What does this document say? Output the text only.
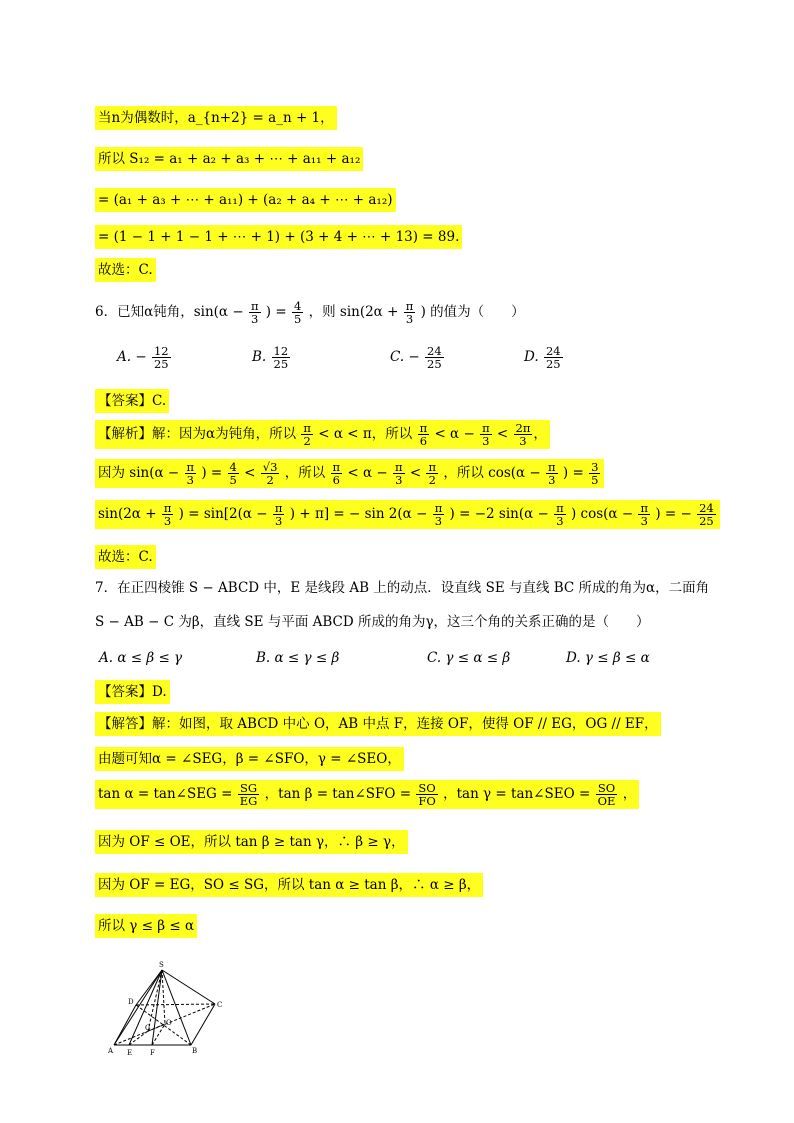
当n为偶数时，a_{n+2} = a_n + 1，
所以 S₁₂ = a₁ + a₂ + a₃ + ⋯ + a₁₁ + a₁₂
= (a₁ + a₃ + ⋯ + a₁₁) + (a₂ + a₄ + ⋯ + a₁₂)
= (1 − 1 + 1 − 1 + ⋯ + 1) + (3 + 4 + ⋯ + 13) = 89.
故选：C.
6．已知α钝角，$\sin(\alpha - \frac{\pi}{3}$ ) = $\frac{4}{5}$ ，则 $\sin(2\alpha + \frac{\pi}{3}$ ) 的值为（　　）
A. − $\frac{12}{25}$	B. $\frac{12}{25}$	C. − $\frac{24}{25}$	D. $\frac{24}{25}$
【答案】C.
【解析】解：因为α为钝角，所以 $\frac{\pi}{2} < \alpha < \pi$，所以 $\frac{\pi}{6} < \alpha - \frac{\pi}{3} < \frac{2\pi}{3}$ ，
因为 $\sin(\alpha - \frac{\pi}{3}$ ) = $\frac{4}{5} < \frac{√3}{2}$ ，所以 $\frac{\pi}{6} < \alpha - \frac{\pi}{3} < \frac{\pi}{2}$ ，所以 $\cos(\alpha - \frac{\pi}{3}$ ) = $\frac{3}{5}$
$\sin(2\alpha + \frac{\pi}{3}$ ) = $\sin[2(\alpha - \frac{\pi}{3}$ ) + π] = − $\sin 2(\alpha - \frac{\pi}{3}$ ) = −2 $\sin(\alpha - \frac{\pi}{3}$ ) $\cos(\alpha - \frac{\pi}{3}$ ) = − $\frac{24}{25}$
故选：C.
7．在正四棱锥 S − ABCD 中，E 是线段 AB 上的动点．设直线 SE 与直线 BC 所成的角为α，二面角
S − AB − C 为β，直线 SE 与平面 ABCD 所成的角为γ，这三个角的关系正确的是（　　）
A. α ≤ β ≤ γ	B. α ≤ γ ≤ β	C. γ ≤ α ≤ β	D. γ ≤ β ≤ α
【答案】D.
【解答】解：如图，取 ABCD 中心 O，AB 中点 F，连接 OF，使得 OF // EG，OG // EF，
由题可知α = ∠SEG，β = ∠SFO，γ = ∠SEO，
tan α = tan∠SEG = $\frac{SG}{EG}$ ，tan β = tan∠SFO = $\frac{SO}{FO}$ ，tan γ = tan∠SEO = $\frac{SO}{OE}$ ，
因为 OF ≤ OE，所以 tan β ≥ tan γ，∴ β ≥ γ，
因为 OF = EG，SO ≤ SG，所以 tan α ≥ tan β，∴ α ≥ β，
所以 γ ≤ β ≤ α
S
A	B
C
D
E	F
G
O
